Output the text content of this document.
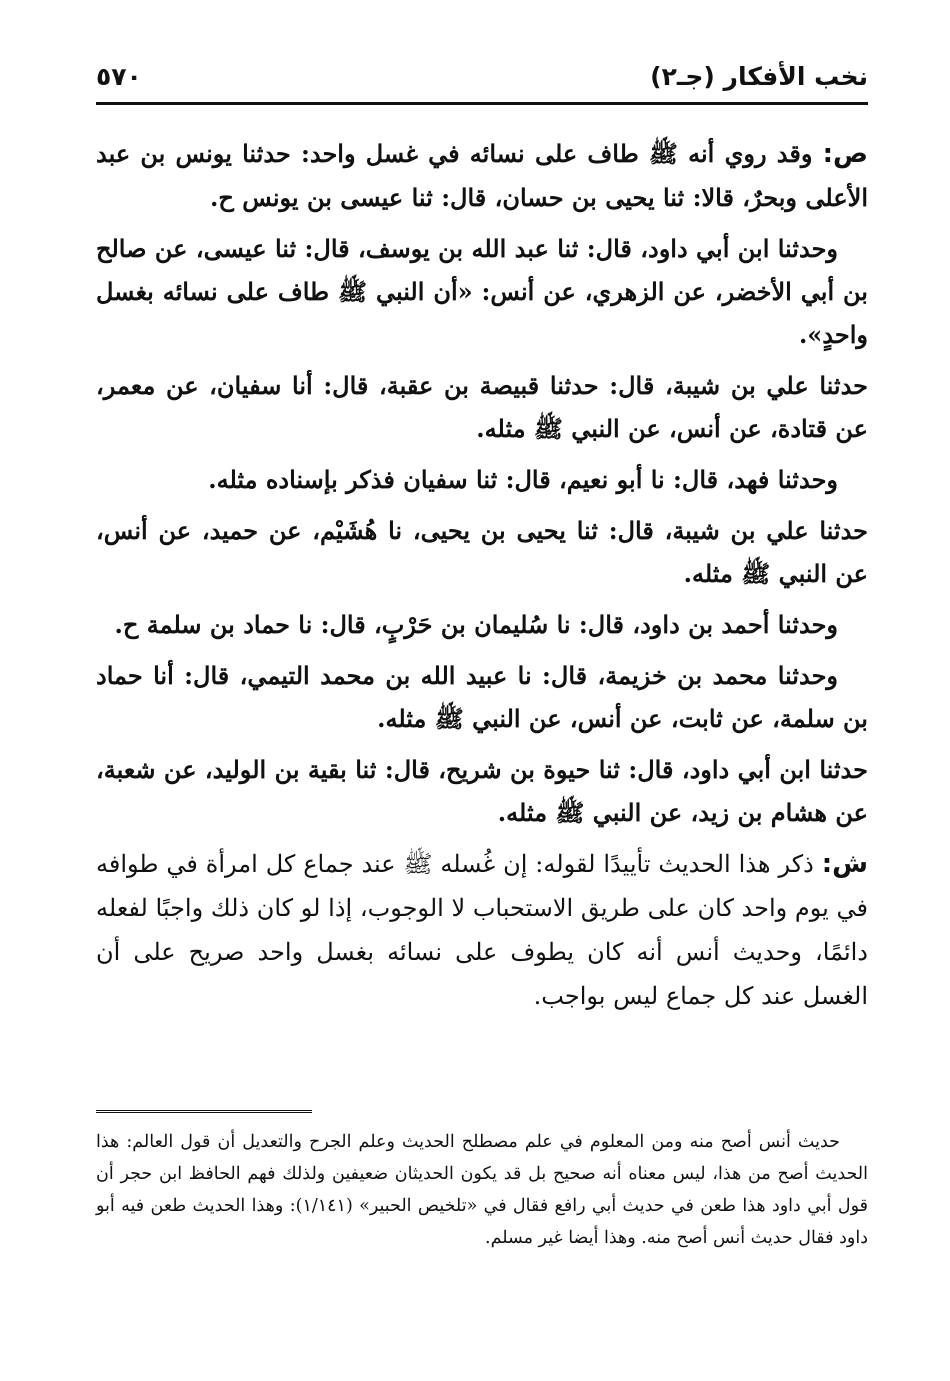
نخب الأفكار (جـ٢)
٥٧٠

ص: وقد روي أنه ﷺ طاف على نسائه في غسل واحد: حدثنا يونس بن عبد الأعلى وبحرٌ، قالا: ثنا يحيى بن حسان، قال: ثنا عيسى بن يونس ح.

وحدثنا ابن أبي داود، قال: ثنا عبد الله بن يوسف، قال: ثنا عيسى، عن صالح بن أبي الأخضر، عن الزهري، عن أنس: «أن النبي ﷺ طاف على نسائه بغسل واحدٍ».

حدثنا علي بن شيبة، قال: حدثنا قبيصة بن عقبة، قال: أنا سفيان، عن معمر، عن قتادة، عن أنس، عن النبي ﷺ مثله.

وحدثنا فهد، قال: نا أبو نعيم، قال: ثنا سفيان فذكر بإسناده مثله.

حدثنا علي بن شيبة، قال: ثنا يحيى بن يحيى، نا هُشَيْم، عن حميد، عن أنس، عن النبي ﷺ مثله.

وحدثنا أحمد بن داود، قال: نا سُليمان بن حَرْبٍ، قال: نا حماد بن سلمة ح.

وحدثنا محمد بن خزيمة، قال: نا عبيد الله بن محمد التيمي، قال: أنا حماد بن سلمة، عن ثابت، عن أنس، عن النبي ﷺ مثله.

حدثنا ابن أبي داود، قال: ثنا حيوة بن شريح، قال: ثنا بقية بن الوليد، عن شعبة، عن هشام بن زيد، عن النبي ﷺ مثله.

ش: ذكر هذا الحديث تأييدًا لقوله: إن غُسله ﷺ عند جماع كل امرأة في طوافه في يوم واحد كان على طريق الاستحباب لا الوجوب، إذا لو كان ذلك واجبًا لفعله دائمًا، وحديث أنس أنه كان يطوف على نسائه بغسل واحد صريح على أن الغسل عند كل جماع ليس بواجب.

حديث أنس أصح منه ومن المعلوم في علم مصطلح الحديث وعلم الجرح والتعديل أن قول العالم: هذا الحديث أصح من هذا، ليس معناه أنه صحيح بل قد يكون الحديثان ضعيفين ولذلك فهم الحافظ ابن حجر أن قول أبي داود هذا طعن في حديث أبي رافع فقال في «تلخيص الحبير» (١/١٤١): وهذا الحديث طعن فيه أبو داود فقال حديث أنس أصح منه. وهذا أيضا غير مسلم.
